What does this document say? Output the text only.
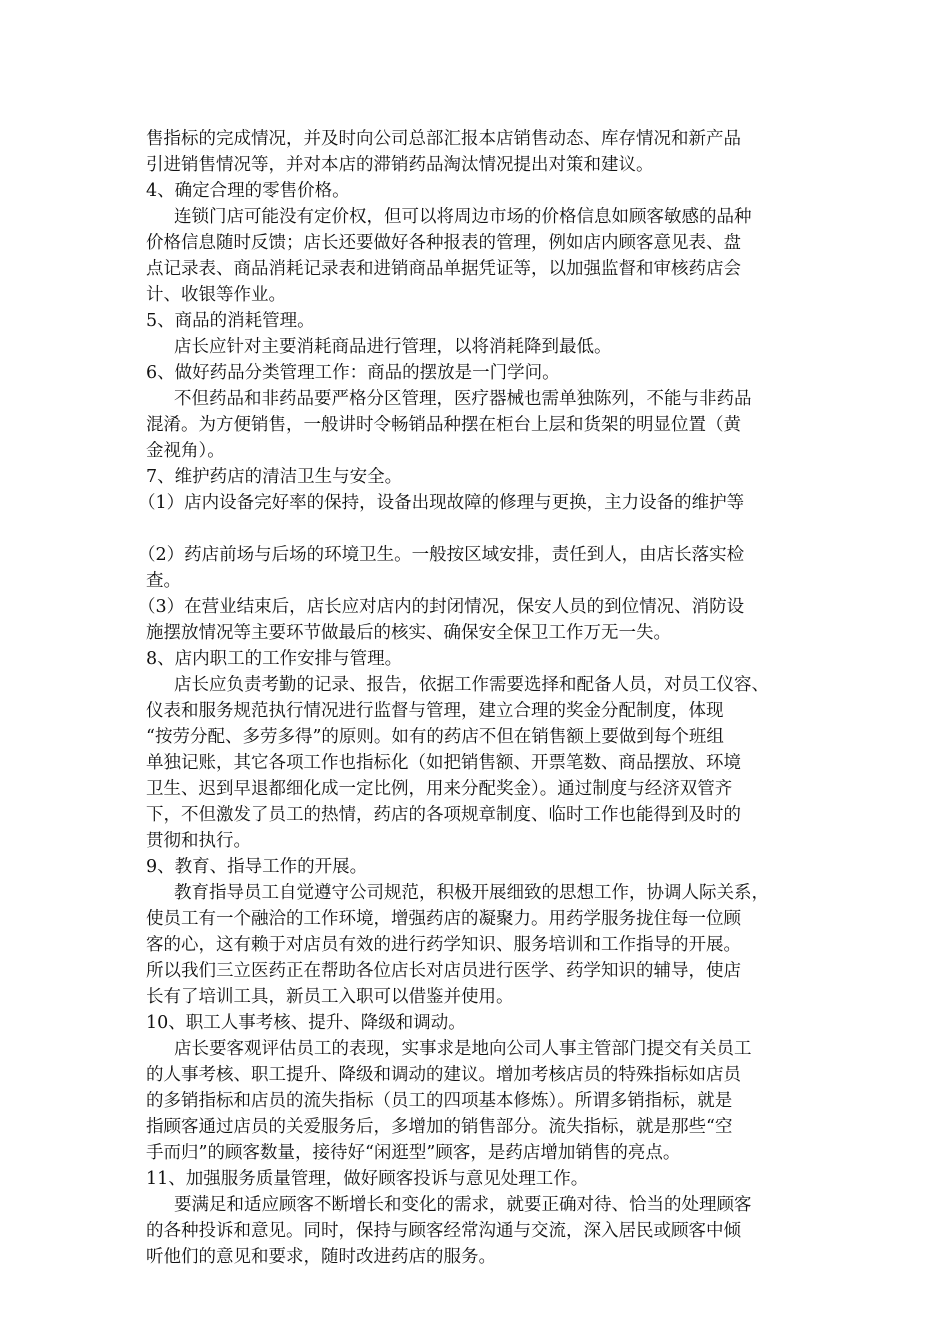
售指标的完成情况，并及时向公司总部汇报本店销售动态、库存情况和新产品
引进销售情况等，并对本店的滞销药品淘汰情况提出对策和建议。
4、确定合理的零售价格。
连锁门店可能没有定价权，但可以将周边市场的价格信息如顾客敏感的品种
价格信息随时反馈；店长还要做好各种报表的管理，例如店内顾客意见表、盘
点记录表、商品消耗记录表和进销商品单据凭证等，以加强监督和审核药店会
计、收银等作业。
5、商品的消耗管理。
店长应针对主要消耗商品进行管理，以将消耗降到最低。
6、做好药品分类管理工作：商品的摆放是一门学问。
不但药品和非药品要严格分区管理，医疗器械也需单独陈列，不能与非药品
混淆。为方便销售，一般讲时令畅销品种摆在柜台上层和货架的明显位置（黄
金视角）。
7、维护药店的清洁卫生与安全。
（1）店内设备完好率的保持，设备出现故障的修理与更换，主力设备的维护等
（2）药店前场与后场的环境卫生。一般按区域安排，责任到人，由店长落实检
查。
（3）在营业结束后，店长应对店内的封闭情况，保安人员的到位情况、消防设
施摆放情况等主要环节做最后的核实、确保安全保卫工作万无一失。
8、店内职工的工作安排与管理。
店长应负责考勤的记录、报告，依据工作需要选择和配备人员，对员工仪容、
仪表和服务规范执行情况进行监督与管理，建立合理的奖金分配制度，体现
“按劳分配、多劳多得”的原则。如有的药店不但在销售额上要做到每个班组
单独记账，其它各项工作也指标化（如把销售额、开票笔数、商品摆放、环境
卫生、迟到早退都细化成一定比例，用来分配奖金）。通过制度与经济双管齐
下，不但激发了员工的热情，药店的各项规章制度、临时工作也能得到及时的
贯彻和执行。
9、教育、指导工作的开展。
教育指导员工自觉遵守公司规范，积极开展细致的思想工作，协调人际关系，
使员工有一个融洽的工作环境，增强药店的凝聚力。用药学服务拢住每一位顾
客的心，这有赖于对店员有效的进行药学知识、服务培训和工作指导的开展。
所以我们三立医药正在帮助各位店长对店员进行医学、药学知识的辅导，使店
长有了培训工具，新员工入职可以借鉴并使用。
10、职工人事考核、提升、降级和调动。
店长要客观评估员工的表现，实事求是地向公司人事主管部门提交有关员工
的人事考核、职工提升、降级和调动的建议。增加考核店员的特殊指标如店员
的多销指标和店员的流失指标（员工的四项基本修炼）。所谓多销指标，就是
指顾客通过店员的关爱服务后，多增加的销售部分。流失指标，就是那些“空
手而归”的顾客数量，接待好“闲逛型”顾客，是药店增加销售的亮点。
11、加强服务质量管理，做好顾客投诉与意见处理工作。
要满足和适应顾客不断增长和变化的需求，就要正确对待、恰当的处理顾客
的各种投诉和意见。同时，保持与顾客经常沟通与交流，深入居民或顾客中倾
听他们的意见和要求，随时改进药店的服务。
